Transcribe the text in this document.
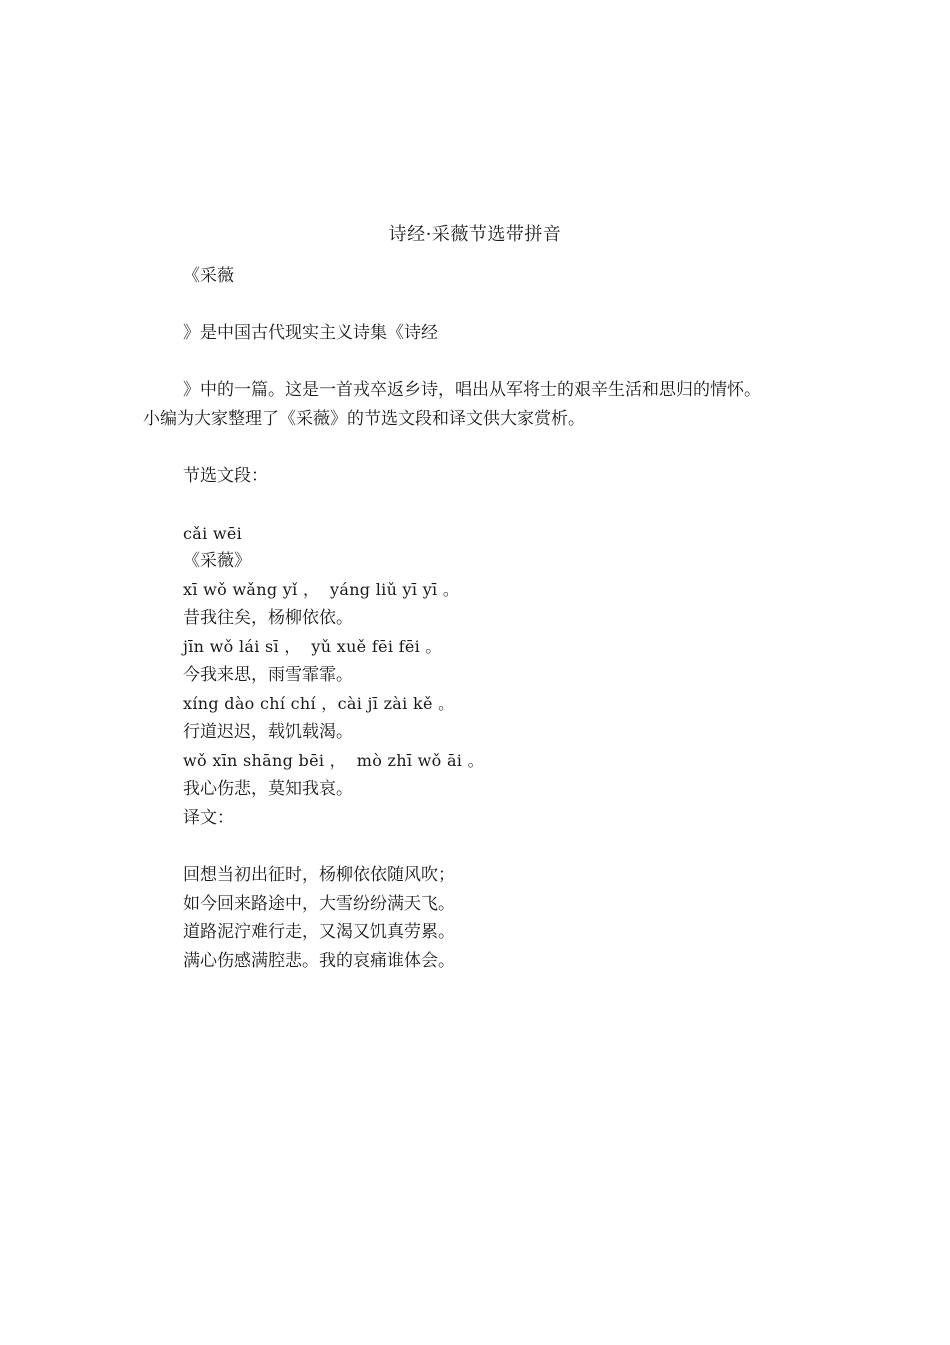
诗经·采薇节选带拼音
《采薇
》是中国古代现实主义诗集《诗经
》中的一篇。这是一首戎卒返乡诗，唱出从军将士的艰辛生活和思归的情怀。
小编为大家整理了《采薇》的节选文段和译文供大家赏析。
节选文段：
cǎi wēi
《采薇》
xī wǒ wǎng yǐ ，  yáng liǔ yī yī 。
昔我往矣，杨柳依依。
jīn wǒ lái sī ，  yǔ xuě fēi fēi 。
今我来思，雨雪霏霏。
xíng dào chí chí ，cài jī zài kě 。
行道迟迟，载饥载渴。
wǒ xīn shāng bēi ，  mò zhī wǒ āi 。
我心伤悲，莫知我哀。
译文：
回想当初出征时，杨柳依依随风吹；
如今回来路途中，大雪纷纷满天飞。
道路泥泞难行走，又渴又饥真劳累。
满心伤感满腔悲。我的哀痛谁体会。
